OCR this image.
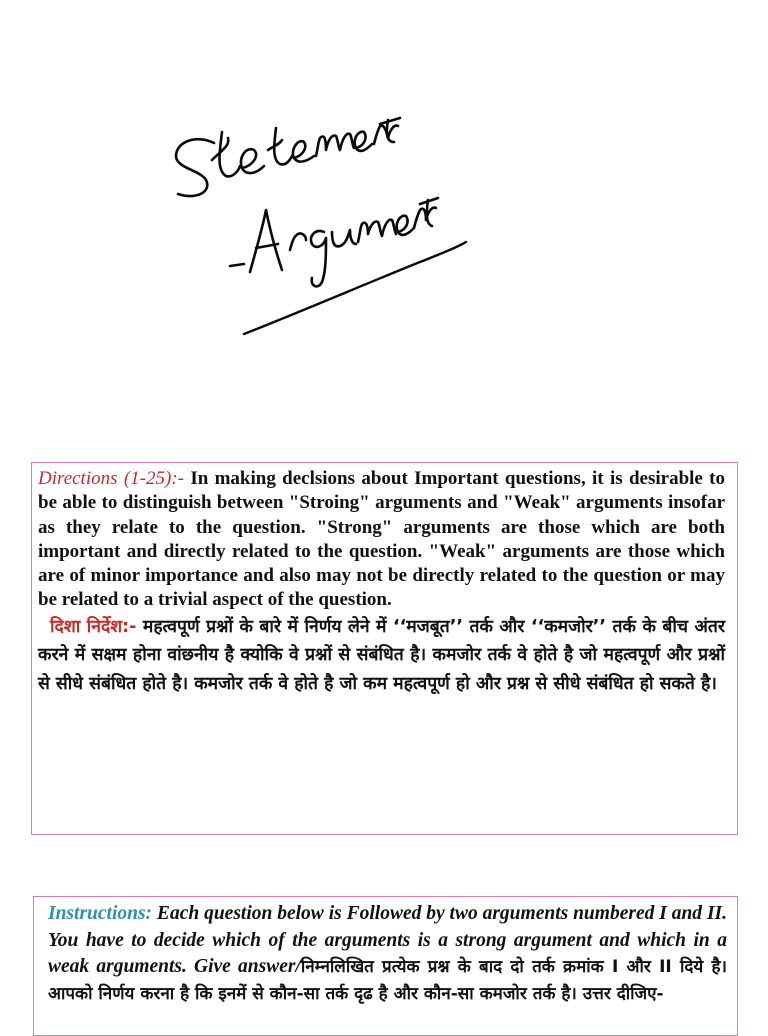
Directions (1-25):- In making declsions about Important questions, it is desirable to be able to distinguish between "Stroing" arguments and "Weak" arguments insofar as they relate to the question. "Strong" arguments are those which are both important and directly related to the question. "Weak" arguments are those which are of minor importance and also may not be directly related to the question or may be related to a trivial aspect of the question.

दिशा निर्देश:- महत्वपूर्ण प्रश्नों के बारे में निर्णय लेने में ‘‘मजबूत’’ तर्क और ‘‘कमजोर’’ तर्क के बीच अंतर करने में सक्षम होना वांछनीय है क्योकि वे प्रश्नों से संबंधित है। कमजोर तर्क वे होते है जो महत्वपूर्ण और प्रश्नों से सीधे संबंधित होते है। कमजोर तर्क वे होते है जो कम महत्वपूर्ण हो और प्रश्न से सीधे संबंधित हो सकते है।

Instructions: Each question below is Followed by two arguments numbered I and II. You have to decide which of the arguments is a strong argument and which in a weak arguments. Give answer/निम्नलिखित प्रत्येक प्रश्न के बाद दो तर्क क्रमांक I और II दिये है। आपको निर्णय करना है कि इनमें से कौन-सा तर्क दृढ है और कौन-सा कमजोर तर्क है। उत्तर दीजिए-
